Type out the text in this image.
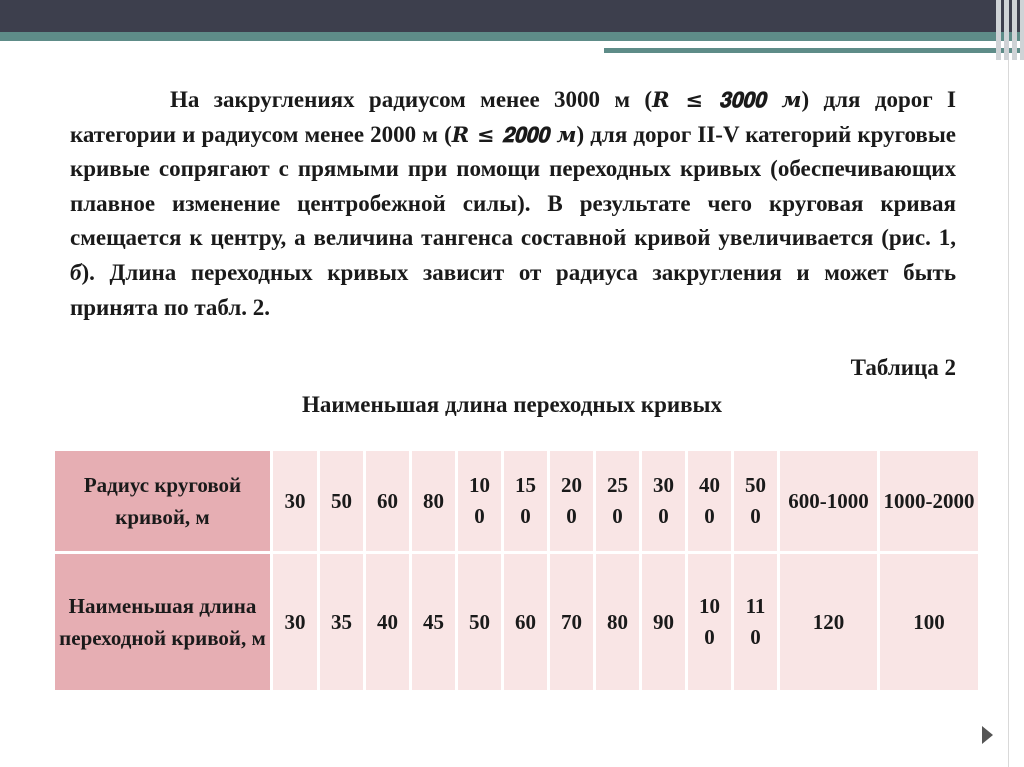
На закруглениях радиусом менее 3000 м (𝑹 ≤ 𝟑𝟎𝟎𝟎 м) для дорог I категории и радиусом менее 2000 м (𝑹 ≤ 𝟐𝟎𝟎𝟎 м) для дорог II-V категорий круговые кривые сопрягают с прямыми при помощи переходных кривых (обеспечивающих плавное изменение центробежной силы). В результате чего круговая кривая смещается к центру, а величина тангенса составной кривой увеличивается (рис. 1, б). Длина переходных кривых зависит от радиуса закругления и может быть принята по табл. 2.

Таблица 2
Наименьшая длина переходных кривых
Радиус круговой кривой, м	30	50	60	80	100	150	200	250	300	400	500	600-1000	1000-2000
Наименьшая длина переходной кривой, м	30	35	40	45	50	60	70	80	90	100	110	120	100
